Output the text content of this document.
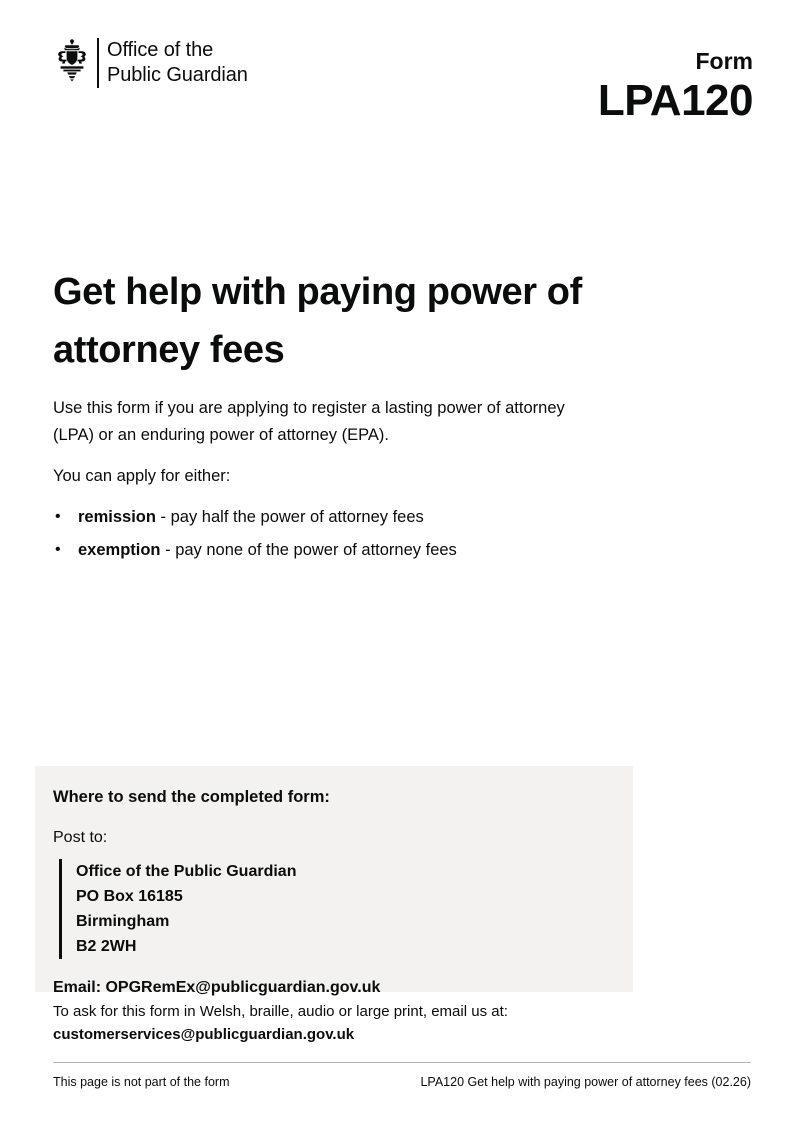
Office of the
Public Guardian
Form
LPA120
Get help with paying power of attorney fees

Use this form if you are applying to register a lasting power of attorney (LPA) or an enduring power of attorney (EPA).

You can apply for either:

• remission - pay half the power of attorney fees
• exemption - pay none of the power of attorney fees
Where to send the completed form:
Post to:
Office of the Public Guardian
PO Box 16185
Birmingham
B2 2WH
Email: OPGRemEx@publicguardian.gov.uk
To ask for this form in Welsh, braille, audio or large print, email us at:
customerservices@publicguardian.gov.uk
This page is not part of the form	LPA120 Get help with paying power of attorney fees (02.26)
